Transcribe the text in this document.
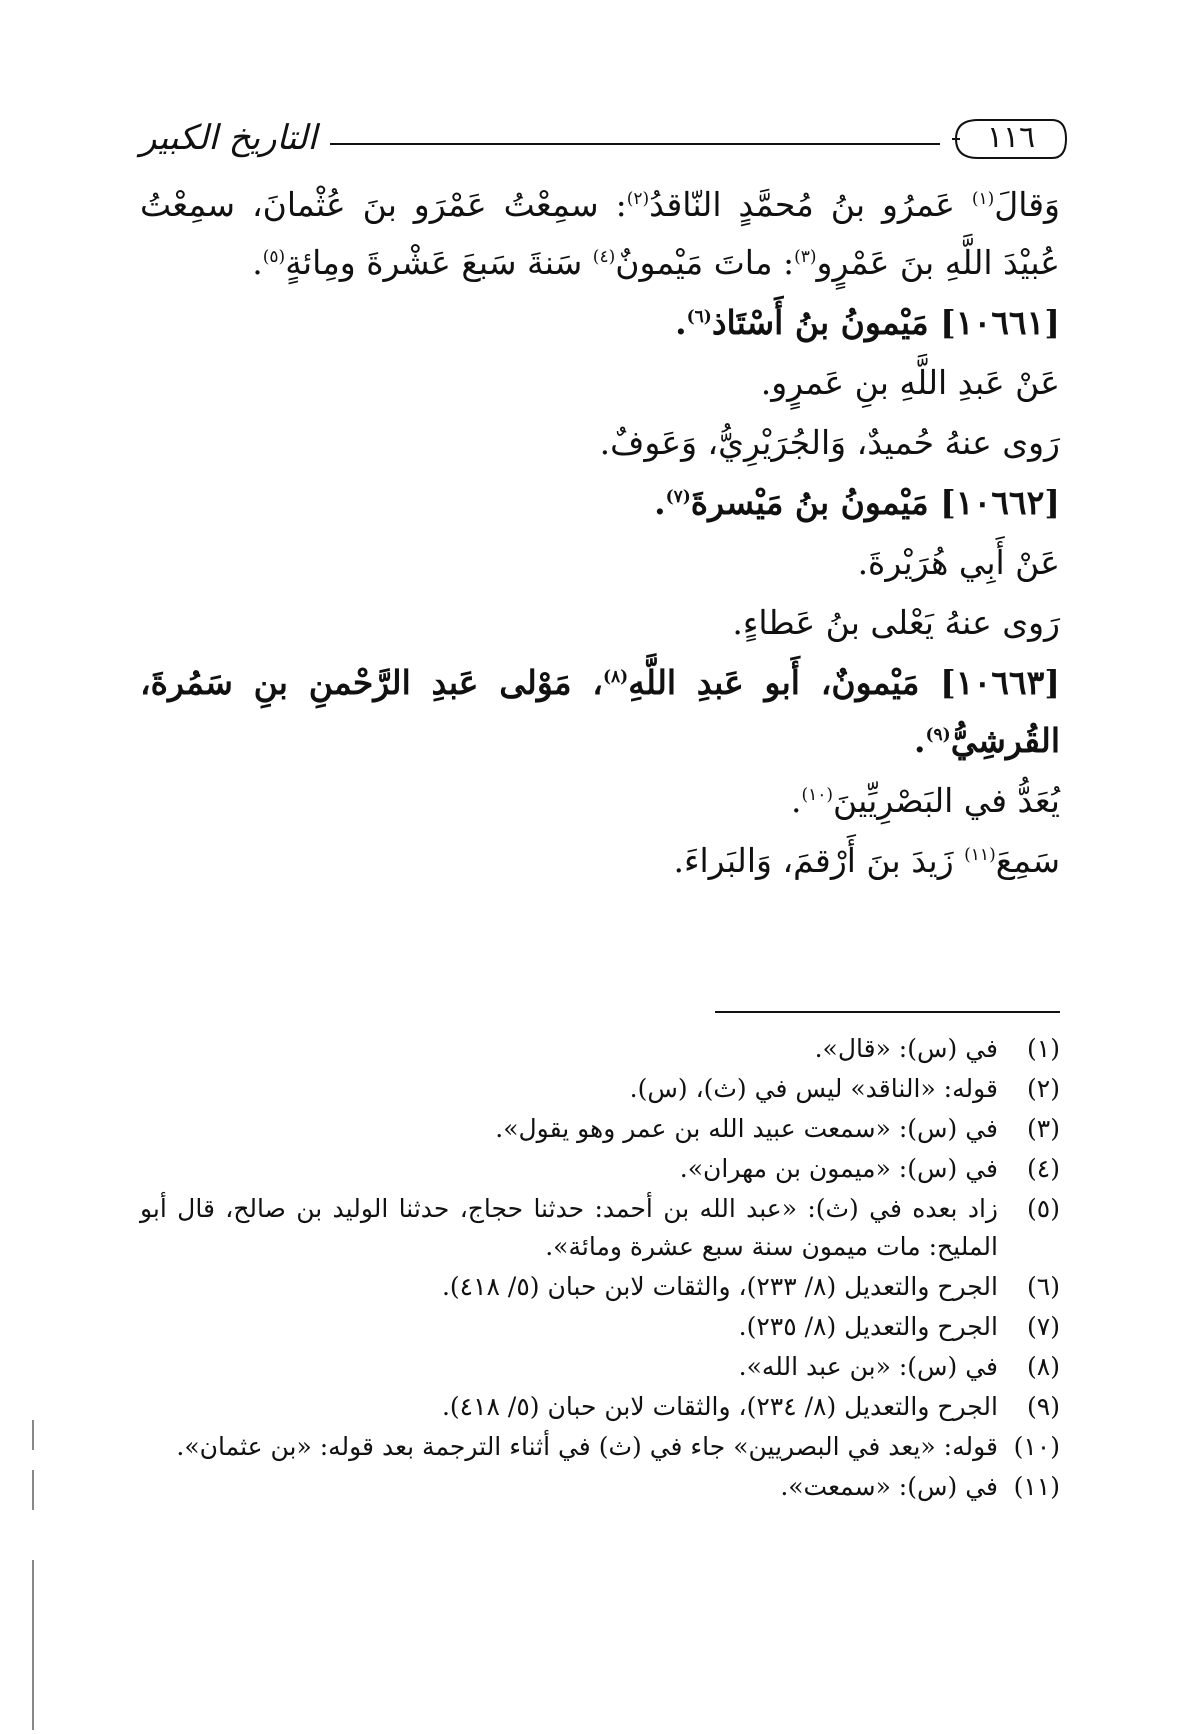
التاريخ الكبير	١١٦
وَقالَ$^{(١)}$ عَمرُو بنُ مُحمَّدٍ النّاقدُ$^{(٢)}$: سمِعْتُ عَمْرَو بنَ عُثْمانَ، سمِعْتُ
عُبيْدَ اللَّهِ بنَ عَمْرٍو$^{(٣)}$: ماتَ مَيْمونٌ$^{(٤)}$ سَنةَ سَبعَ عَشْرةَ ومِائةٍ$^{(٥)}$.
[١٠٦٦١] مَيْمونُ بنُ أَسْتَاذ$^{(٦)}$.
عَنْ عَبدِ اللَّهِ بنِ عَمرٍو.
رَوى عنهُ حُميدٌ، وَالجُرَيْرِيُّ، وَعَوفٌ.
[١٠٦٦٢] مَيْمونُ بنُ مَيْسرةَ$^{(٧)}$.
عَنْ أَبِي هُرَيْرةَ.
رَوى عنهُ يَعْلى بنُ عَطاءٍ.
[١٠٦٦٣] مَيْمونٌ، أَبو عَبدِ اللَّهِ$^{(٨)}$، مَوْلى عَبدِ الرَّحْمنِ بنِ سَمُرةَ،
القُرشِيُّ$^{(٩)}$.
يُعَدُّ في البَصْرِيِّينَ$^{(١٠)}$.
سَمِعَ$^{(١١)}$ زَيدَ بنَ أَرْقمَ، وَالبَراءَ.
(١)في (س): «قال».
(٢)قوله: «الناقد» ليس في (ث)، (س).
(٣)في (س): «سمعت عبيد الله بن عمر وهو يقول».
(٤)في (س): «ميمون بن مهران».
(٥)زاد بعده في (ث): «عبد الله بن أحمد: حدثنا حجاج، حدثنا الوليد بن صالح، قال أبو
المليح: مات ميمون سنة سبع عشرة ومائة».
(٦)الجرح والتعديل (٨/ ٢٣٣)، والثقات لابن حبان (٥/ ٤١٨).
(٧)الجرح والتعديل (٨/ ٢٣٥).
(٨)في (س): «بن عبد الله».
(٩)الجرح والتعديل (٨/ ٢٣٤)، والثقات لابن حبان (٥/ ٤١٨).
(١٠)قوله: «يعد في البصريين» جاء في (ث) في أثناء الترجمة بعد قوله: «بن عثمان».
(١١)في (س): «سمعت».
